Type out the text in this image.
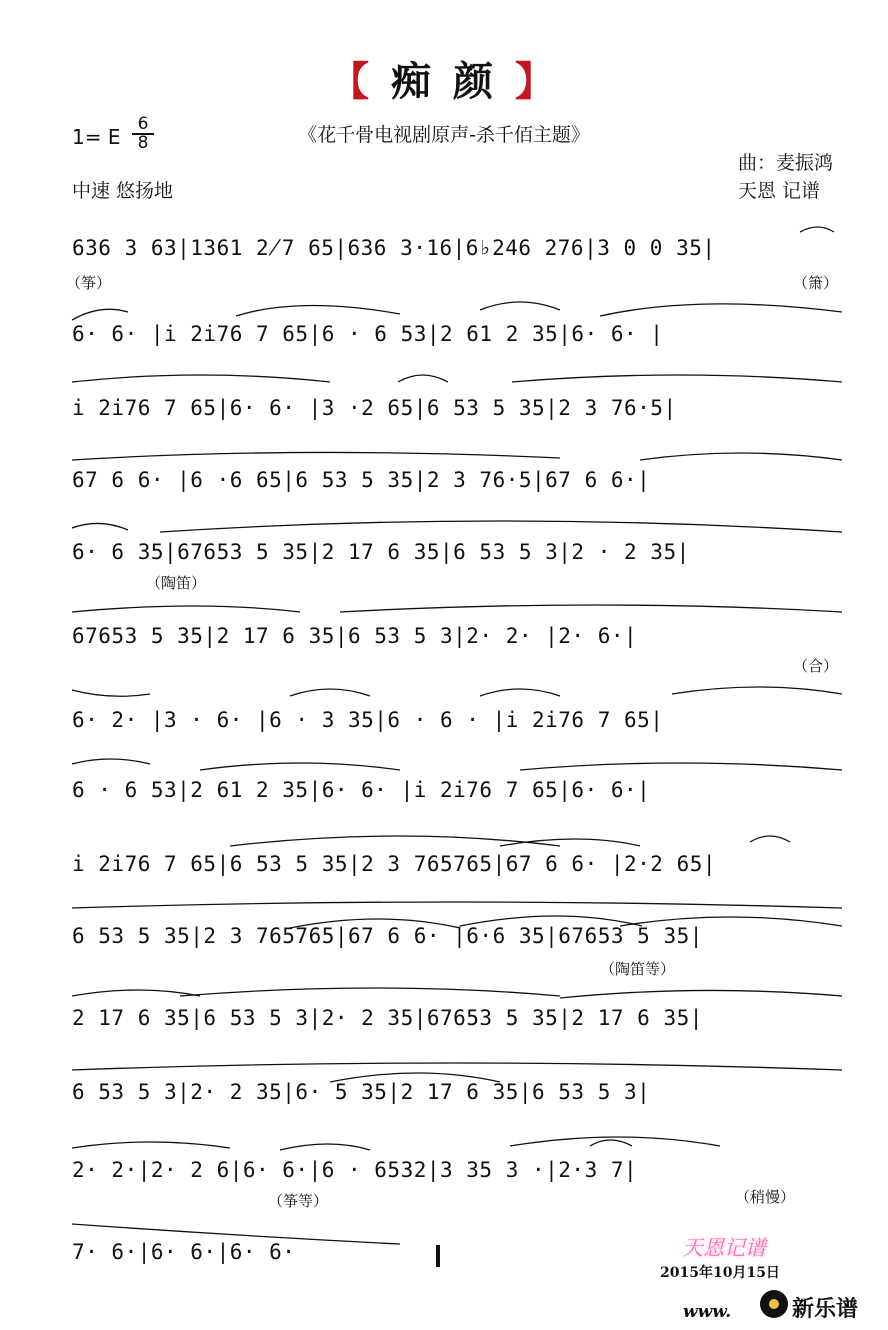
【 痴 颜 】
《花千骨电视剧原声-杀千佰主题》
1= E $\frac{6}{8}$
中速 悠扬地
曲：麦振鸿
天恩 记谱
636 3 63|1361 2̸7 65|636 3·16|6♭246 276|3 0 0 35|
6· 6· |i 2i76 7 65|6 · 6 53|2 61 2 35|6· 6· |
i 2i76 7 65|6· 6· |3 ·2 65|6 53 5 35|2 3 76·5|
67 6 6· |6 ·6 65|6 53 5 35|2 3 76·5|67 6 6·|
6· 6 35|67653 5 35|2 17 6 35|6 53 5 3|2 · 2 35|
67653 5 35|2 17 6 35|6 53 5 3|2· 2· |2· 6·|
6· 2· |3 · 6· |6 · 3 35|6 · 6 · |i 2i76 7 65|
6 · 6 53|2 61 2 35|6· 6· |i 2i76 7 65|6· 6·|
i 2i76 7 65|6 53 5 35|2 3 765765|67 6 6· |2·2 65|
6 53 5 35|2 3 765765|67 6 6· |6·6 35|67653 5 35|
2 17 6 35|6 53 5 3|2· 2 35|67653 5 35|2 17 6 35|
6 53 5 3|2· 2 35|6· 5 35|2 17 6 35|6 53 5 3|
2· 2·|2· 2 6|6· 6·|6 · 6532|3 35 3 ·|2·3 7|
7· 6·|6· 6·|6· 6·
（筝）	（箫）
（陶笛）
（合）
（陶笛等）
（筝等）	（稍慢）
天恩记谱
2015年10月15日
www.	新乐谱
